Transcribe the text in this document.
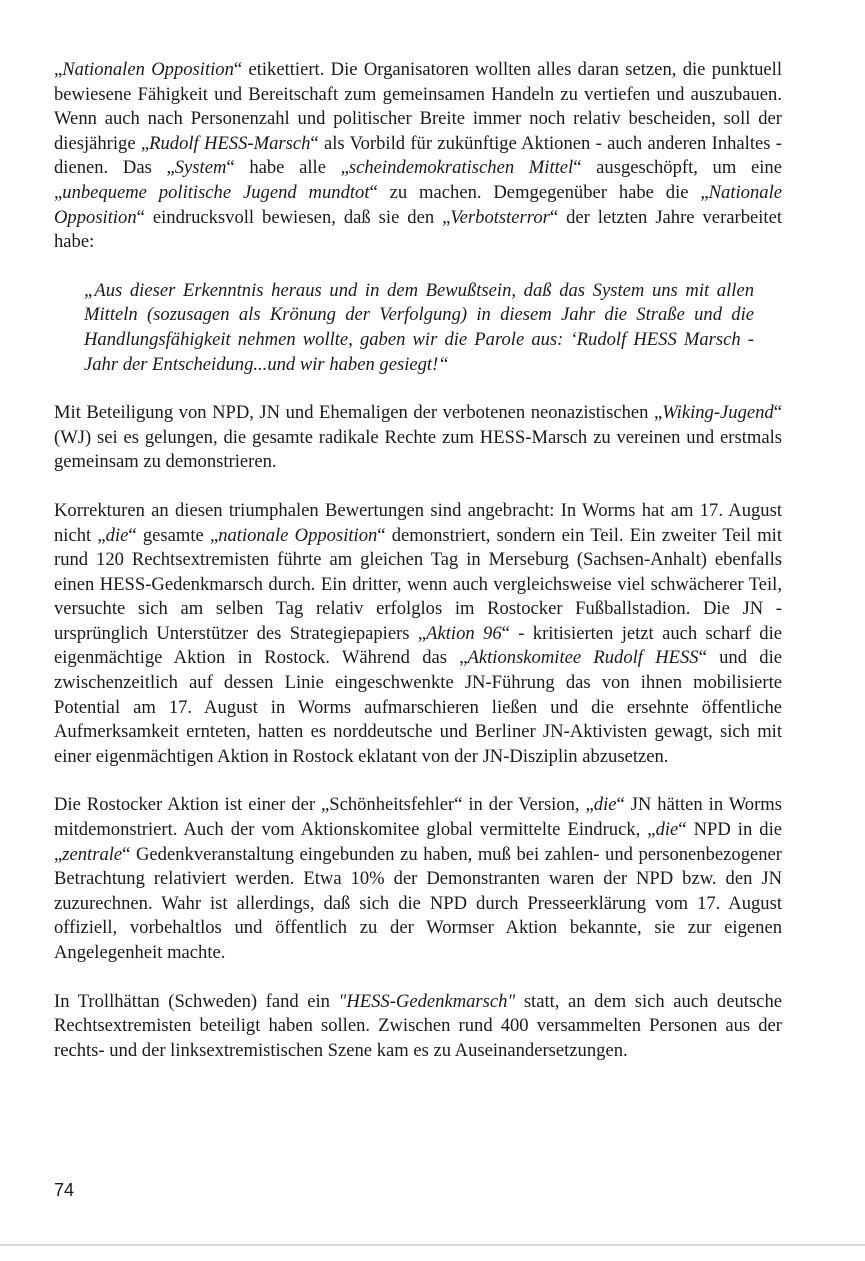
„Nationalen Opposition“ etikettiert. Die Organisatoren wollten alles daran setzen, die punktuell bewiesene Fähigkeit und Bereitschaft zum gemeinsamen Handeln zu vertiefen und auszubauen. Wenn auch nach Personenzahl und politischer Breite immer noch relativ bescheiden, soll der diesjährige „Rudolf HESS-Marsch“ als Vorbild für zukünftige Aktionen - auch anderen Inhaltes - dienen. Das „System“ habe alle „scheindemokratischen Mittel“ ausgeschöpft, um eine „unbequeme politische Jugend mundtot“ zu machen. Demgegenüber habe die „Nationale Opposition“ eindrucksvoll bewiesen, daß sie den „Verbotsterror“ der letzten Jahre verarbeitet habe:

„Aus dieser Erkenntnis heraus und in dem Bewußtsein, daß das System uns mit allen Mitteln (sozusagen als Krönung der Verfolgung) in diesem Jahr die Straße und die Handlungsfähigkeit nehmen wollte, gaben wir die Parole aus: ‘Rudolf HESS Marsch - Jahr der Entscheidung...und wir haben gesiegt!“

Mit Beteiligung von NPD, JN und Ehemaligen der verbotenen neonazistischen „Wiking-Jugend“ (WJ) sei es gelungen, die gesamte radikale Rechte zum HESS-Marsch zu vereinen und erstmals gemeinsam zu demonstrieren.

Korrekturen an diesen triumphalen Bewertungen sind angebracht: In Worms hat am 17. August nicht „die“ gesamte „nationale Opposition“ demonstriert, sondern ein Teil. Ein zweiter Teil mit rund 120 Rechtsextremisten führte am gleichen Tag in Merseburg (Sachsen-Anhalt) ebenfalls einen HESS-Gedenkmarsch durch. Ein dritter, wenn auch vergleichsweise viel schwächerer Teil, versuchte sich am selben Tag relativ erfolglos im Rostocker Fußballstadion. Die JN - ursprünglich Unterstützer des Strategiepapiers „Aktion 96“ - kritisierten jetzt auch scharf die eigenmächtige Aktion in Rostock. Während das „Aktionskomitee Rudolf HESS“ und die zwischenzeitlich auf dessen Linie eingeschwenkte JN-Führung das von ihnen mobilisierte Potential am 17. August in Worms aufmarschieren ließen und die ersehnte öffentliche Aufmerksamkeit ernteten, hatten es norddeutsche und Berliner JN-Aktivisten gewagt, sich mit einer eigenmächtigen Aktion in Rostock eklatant von der JN-Disziplin abzusetzen.

Die Rostocker Aktion ist einer der „Schönheitsfehler“ in der Version, „die“ JN hätten in Worms mitdemonstriert. Auch der vom Aktionskomitee global vermittelte Eindruck, „die“ NPD in die „zentrale“ Gedenkveranstaltung eingebunden zu haben, muß bei zahlen- und personenbezogener Betrachtung relativiert werden. Etwa 10% der Demonstranten waren der NPD bzw. den JN zuzurechnen. Wahr ist allerdings, daß sich die NPD durch Presseerklärung vom 17. August offiziell, vorbehaltlos und öffentlich zu der Wormser Aktion bekannte, sie zur eigenen Angelegenheit machte.

In Trollhättan (Schweden) fand ein "HESS-Gedenkmarsch" statt, an dem sich auch deutsche Rechtsextremisten beteiligt haben sollen. Zwischen rund 400 versammelten Personen aus der rechts- und der linksextremistischen Szene kam es zu Auseinandersetzungen.

74
